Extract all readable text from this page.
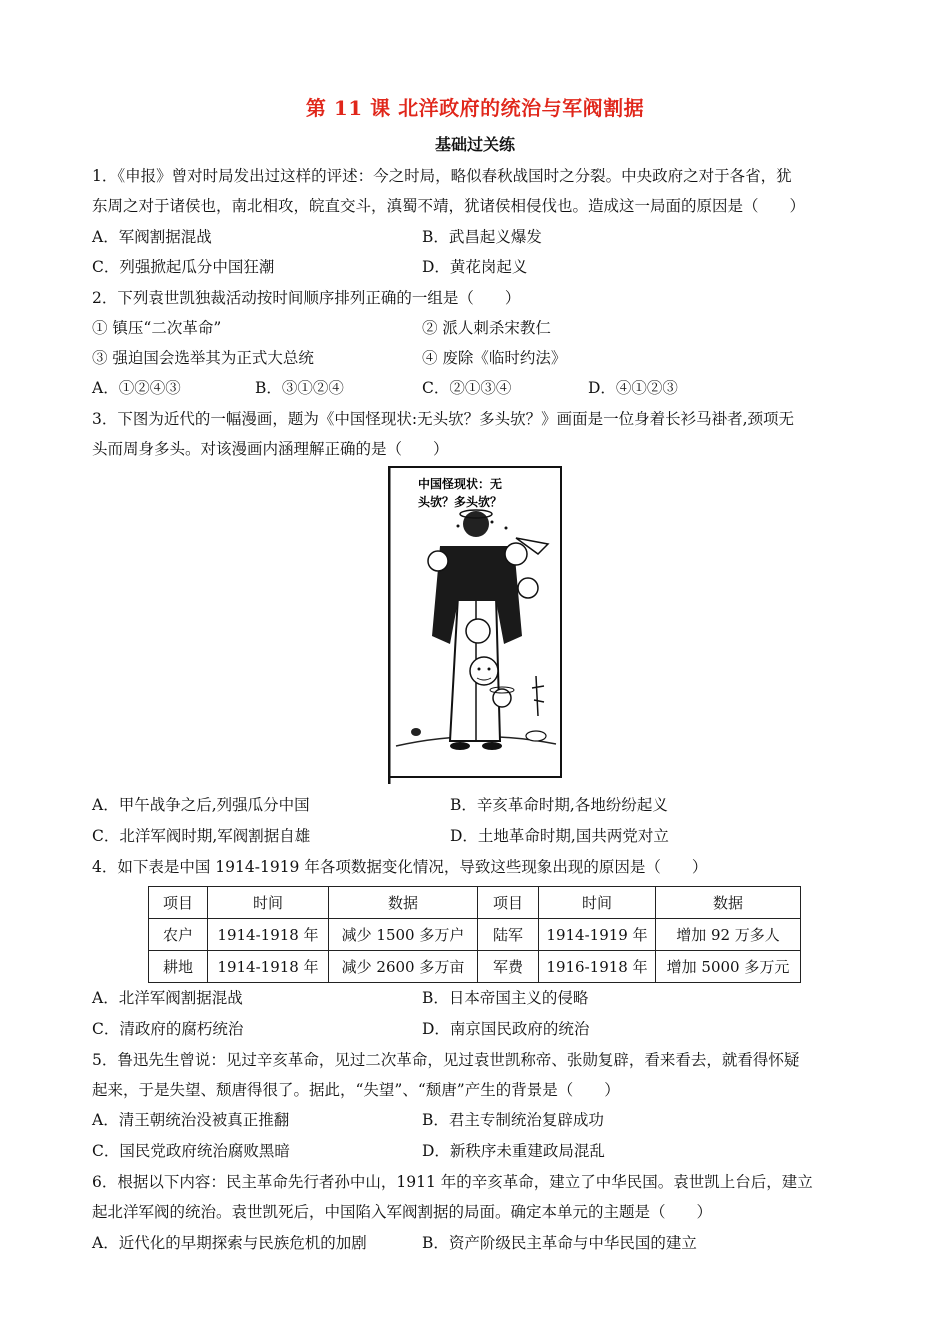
第 11 课 北洋政府的统治与军阀割据
基础过关练
1．《申报》曾对时局发出过这样的评述：今之时局，略似春秋战国时之分裂。中央政府之对于各省，犹
东周之对于诸侯也，南北相攻，皖直交斗，滇蜀不靖，犹诸侯相侵伐也。造成这一局面的原因是（　　）
A．军阀割据混战	B．武昌起义爆发
C．列强掀起瓜分中国狂潮	D．黄花岗起义
2．下列袁世凯独裁活动按时间顺序排列正确的一组是（　　）
① 镇压“二次革命”	② 派人刺杀宋教仁
③ 强迫国会选举其为正式大总统	④ 废除《临时约法》
A．①②④③	B．③①②④	C．②①③④	D．④①②③
3．下图为近代的一幅漫画，题为《中国怪现状:无头欤？多头欤？》画面是一位身着长衫马褂者,颈项无
头而周身多头。对该漫画内涵理解正确的是（　　）
中国怪现状：无
头欤？多头欤？
A．甲午战争之后,列强瓜分中国	B．辛亥革命时期,各地纷纷起义
C．北洋军阀时期,军阀割据自雄	D．土地革命时期,国共两党对立
4．如下表是中国 1914-1919 年各项数据变化情况，导致这些现象出现的原因是（　　）
项目	时间	数据	项目	时间	数据
农户	1914-1918 年	减少 1500 多万户	陆军	1914-1919 年	增加 92 万多人
耕地	1914-1918 年	减少 2600 多万亩	军费	1916-1918 年	增加 5000 多万元
A．北洋军阀割据混战	B．日本帝国主义的侵略
C．清政府的腐朽统治	D．南京国民政府的统治
5．鲁迅先生曾说：见过辛亥革命，见过二次革命，见过袁世凯称帝、张勋复辟，看来看去，就看得怀疑
起来，于是失望、颓唐得很了。据此，“失望”、“颓唐”产生的背景是（　　）
A．清王朝统治没被真正推翻	B．君主专制统治复辟成功
C．国民党政府统治腐败黑暗	D．新秩序未重建政局混乱
6．根据以下内容：民主革命先行者孙中山，1911 年的辛亥革命，建立了中华民国。袁世凯上台后，建立
起北洋军阀的统治。袁世凯死后，中国陷入军阀割据的局面。确定本单元的主题是（　　）
A．近代化的早期探索与民族危机的加剧	B．资产阶级民主革命与中华民国的建立
